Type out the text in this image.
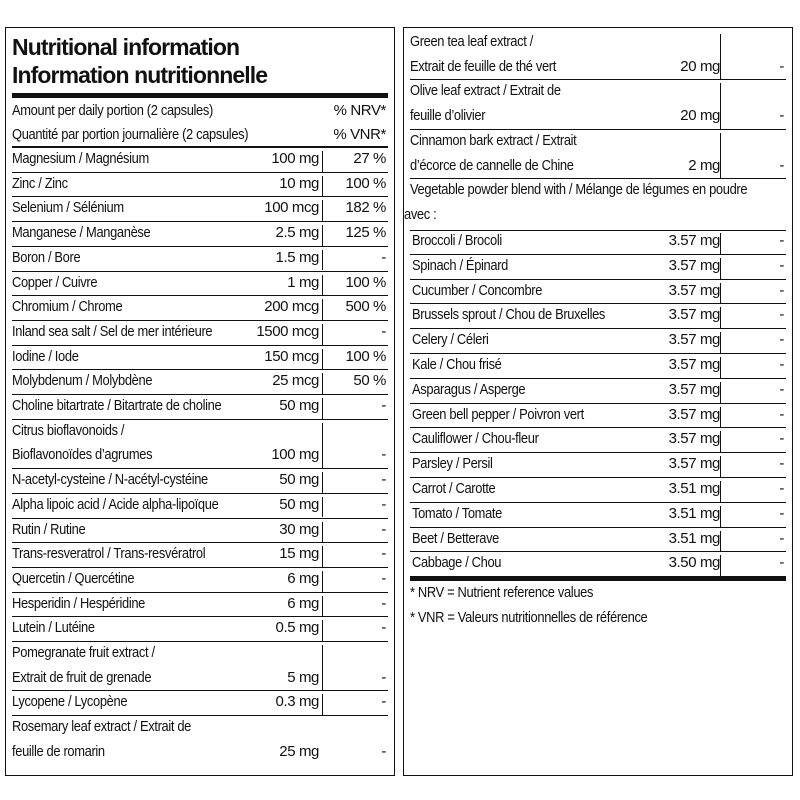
Nutritional information
Information nutritionnelle
Amount per daily portion (2 capsules)	% NRV*
Quantité par portion journalière (2 capsules)	% VNR*
Magnesium / Magnésium	100 mg 27 %
Zinc / Zinc	10 mg 100 %
Selenium / Sélénium	100 mcg 182 %
Manganese / Manganèse	2.5 mg 125 %
Boron / Bore	1.5 mg	-
Copper / Cuivre	1 mg 100 %
Chromium / Chrome	200 mcg 500 %
Inland sea salt / Sel de mer intérieure	1500 mcg	-
Iodine / Iode	150 mcg 100 %
Molybdenum / Molybdène	25 mcg 50 %
Choline bitartrate / Bitartrate de choline	50 mg	-
Citrus bioflavonoids /
Bioflavonoïdes d’agrumes	100 mg	-
N-acetyl-cysteine / N-acétyl-cystéine	50 mg	-
Alpha lipoic acid / Acide alpha-lipoïque	50 mg	-
Rutin / Rutine	30 mg	-
Trans-resveratrol / Trans-resvératrol	15 mg	-
Quercetin / Quercétine	6 mg	-
Hesperidin / Hespéridine	6 mg	-
Lutein / Lutéine	0.5 mg	-
Pomegranate fruit extract /
Extrait de fruit de grenade	5 mg	-
Lycopene / Lycopène	0.3 mg	-
Rosemary leaf extract / Extrait de
feuille de romarin	25 mg	-
Green tea leaf extract /
Extrait de feuille de thé vert	20 mg	-
Olive leaf extract / Extrait de
feuille d’olivier	20 mg	-
Cinnamon bark extract / Extrait
d’écorce de cannelle de Chine	2 mg	-
Vegetable powder blend with / Mélange de légumes en poudre
avec :
Broccoli / Brocoli	3.57 mg	-
Spinach / Épinard	3.57 mg	-
Cucumber / Concombre	3.57 mg	-
Brussels sprout / Chou de Bruxelles	3.57 mg	-
Celery / Céleri	3.57 mg	-
Kale / Chou frisé	3.57 mg	-
Asparagus / Asperge	3.57 mg	-
Green bell pepper / Poivron vert	3.57 mg	-
Cauliflower / Chou-fleur	3.57 mg	-
Parsley / Persil	3.57 mg	-
Carrot / Carotte	3.51 mg	-
Tomato / Tomate	3.51 mg	-
Beet / Betterave	3.51 mg	-
Cabbage / Chou	3.50 mg	-
* NRV = Nutrient reference values
* VNR = Valeurs nutritionnelles de référence
